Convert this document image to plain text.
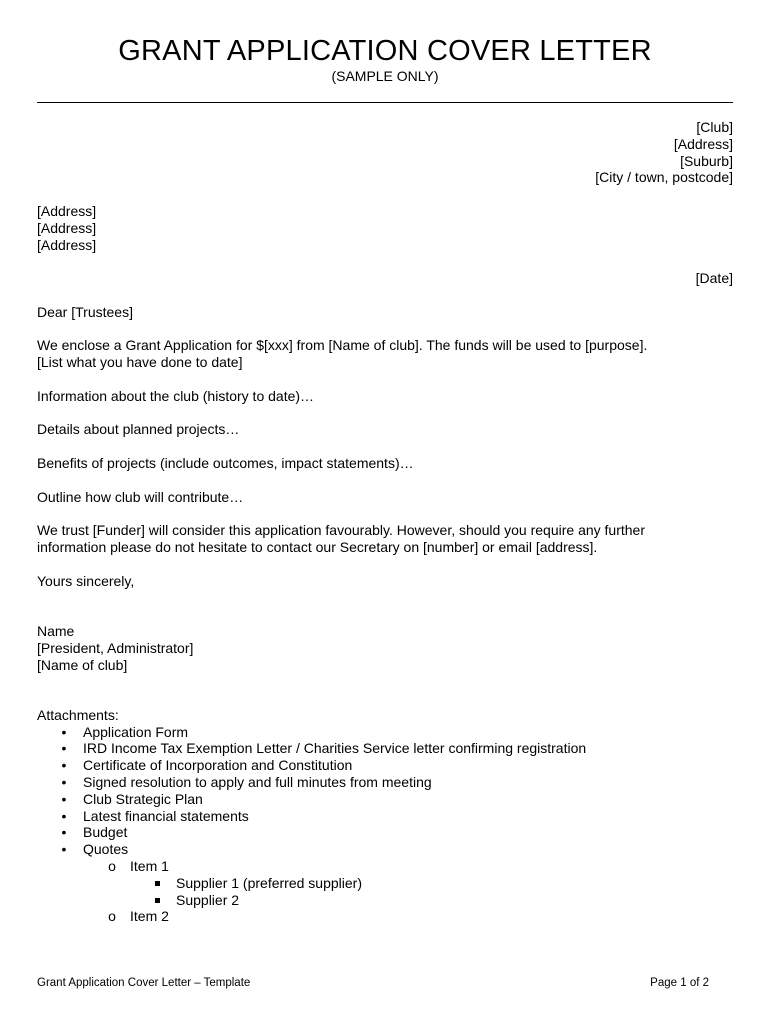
GRANT APPLICATION COVER LETTER
(SAMPLE ONLY)
[Club]
[Address]
[Suburb]
[City / town, postcode]
[Address]
[Address]
[Address]
[Date]
Dear [Trustees]
We enclose a Grant Application for $[xxx] from [Name of club]. The funds will be used to [purpose].
[List what you have done to date]
Information about the club (history to date)…
Details about planned projects…
Benefits of projects (include outcomes, impact statements)…
Outline how club will contribute…
We trust [Funder] will consider this application favourably. However, should you require any further
information please do not hesitate to contact our Secretary on [number] or email [address].
Yours sincerely,
Name
[President, Administrator]
[Name of club]
Attachments:
• Application Form
• IRD Income Tax Exemption Letter / Charities Service letter confirming registration
• Certificate of Incorporation and Constitution
• Signed resolution to apply and full minutes from meeting
• Club Strategic Plan
• Latest financial statements
• Budget
• Quotes
o Item 1
Supplier 1 (preferred supplier)
Supplier 2
o Item 2
Grant Application Cover Letter – Template	Page 1 of 2
